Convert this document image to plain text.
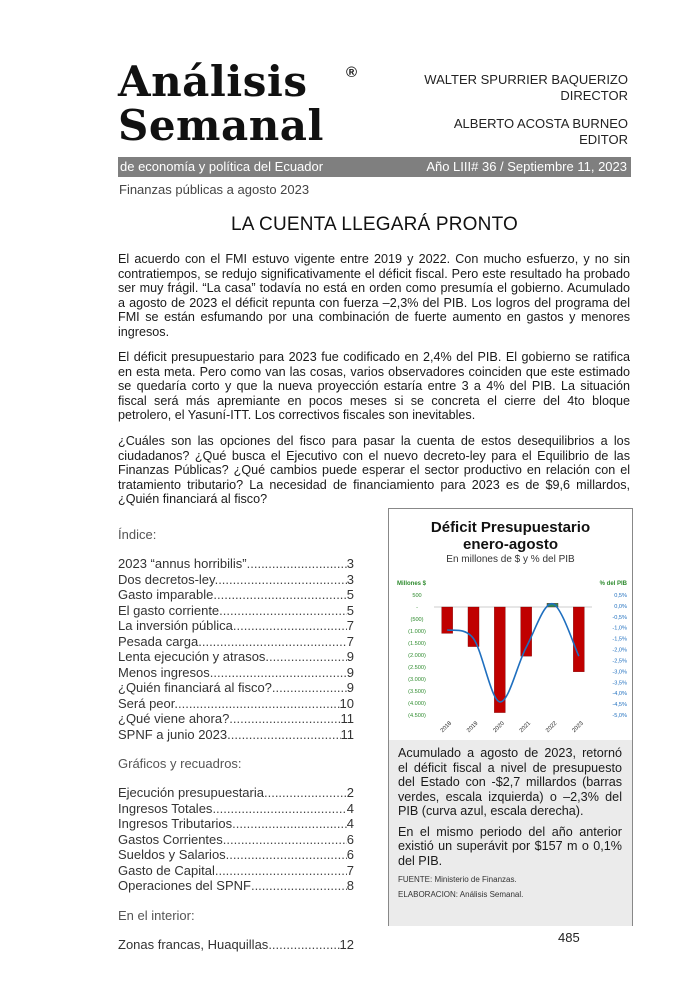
Análisis
Semanal
®	WALTER SPURRIER BAQUERIZO
DIRECTOR
ALBERTO ACOSTA BURNEO
EDITOR
de economía y política del Ecuador	Año LIII# 36 / Septiembre 11, 2023
Finanzas públicas a agosto 2023
LA CUENTA LLEGARÁ PRONTO

El acuerdo con el FMI estuvo vigente entre 2019 y 2022. Con mucho esfuerzo, y no sin contratiempos, se redujo significativamente el déficit fiscal. Pero este resultado ha probado ser muy frágil. “La casa” todavía no está en orden como presumía el gobierno. Acumulado a agosto de 2023 el déficit repunta con fuerza –2,3% del PIB. Los logros del programa del FMI se están esfumando por una combinación de fuerte aumento en gastos y menores ingresos.

El déficit presupuestario para 2023 fue codificado en 2,4% del PIB. El gobierno se ratifica en esta meta. Pero como van las cosas, varios observadores coinciden que este estimado se quedaría corto y que la nueva proyección estaría entre 3 a 4% del PIB. La situación fiscal será más apremiante en pocos meses si se concreta el cierre del 4to bloque petrolero, el Yasuní-ITT. Los correctivos fiscales son inevitables.

¿Cuáles son las opciones del fisco para pasar la cuenta de estos desequilibrios a los ciudadanos? ¿Qué busca el Ejecutivo con el nuevo decreto-ley para el Equilibrio de las Finanzas Públicas? ¿Qué cambios puede esperar el sector productivo en relación con el tratamiento tributario? La necesidad de financiamiento para 2023 es de $9,6 millardos, ¿Quién financiará al fisco?

Índice:
2023 “annus horribilis” .....	3
Dos decretos-ley. .....	3
Gasto imparable .....	5
El gasto corriente .....	5
La inversión pública .....	7
Pesada carga. .....	7
Lenta ejecución y atrasos. .....	9
Menos ingresos .....	9
¿Quién financiará al fisco? .....	9
Será peor. .....	10
¿Qué viene ahora? .....	11
SPNF a junio 2023. .....	11
Gráficos y recuadros:
Ejecución presupuestaria .....	2
Ingresos Totales .....	4
Ingresos Tributarios .....	4
Gastos Corrientes .....	6
Sueldos y Salarios .....	6
Gasto de Capital .....	7
Operaciones del SPNF .....	8
En el interior:
Zonas francas, Huaquillas .....	12
Déficit Presupuestario
enero-agosto
En millones de $ y % del PIB
Millones $	% del PIB
500
-
(500)
(1.000)
(1.500)
(2.000)
(2.500)
(3.000)
(3.500)
(4.000)
(4.500)
0,5%
0,0%
-0,5%
-1,0%
-1,5%
-2,0%
-2,5%
-3,0%
-3,5%
-4,0%
-4,5%
-5,0%
2018 2019 2020 2021 2022 2023

Acumulado a agosto de 2023, retornó el déficit fiscal a nivel de presupuesto del Estado con -$2,7 millardos (barras verdes, escala izquierda) o –2,3% del PIB (curva azul, escala derecha).

En el mismo periodo del año anterior existió un superávit por $157 m o 0,1% del PIB.

FUENTE: Ministerio de Finanzas.
ELABORACION: Análisis Semanal.
485
